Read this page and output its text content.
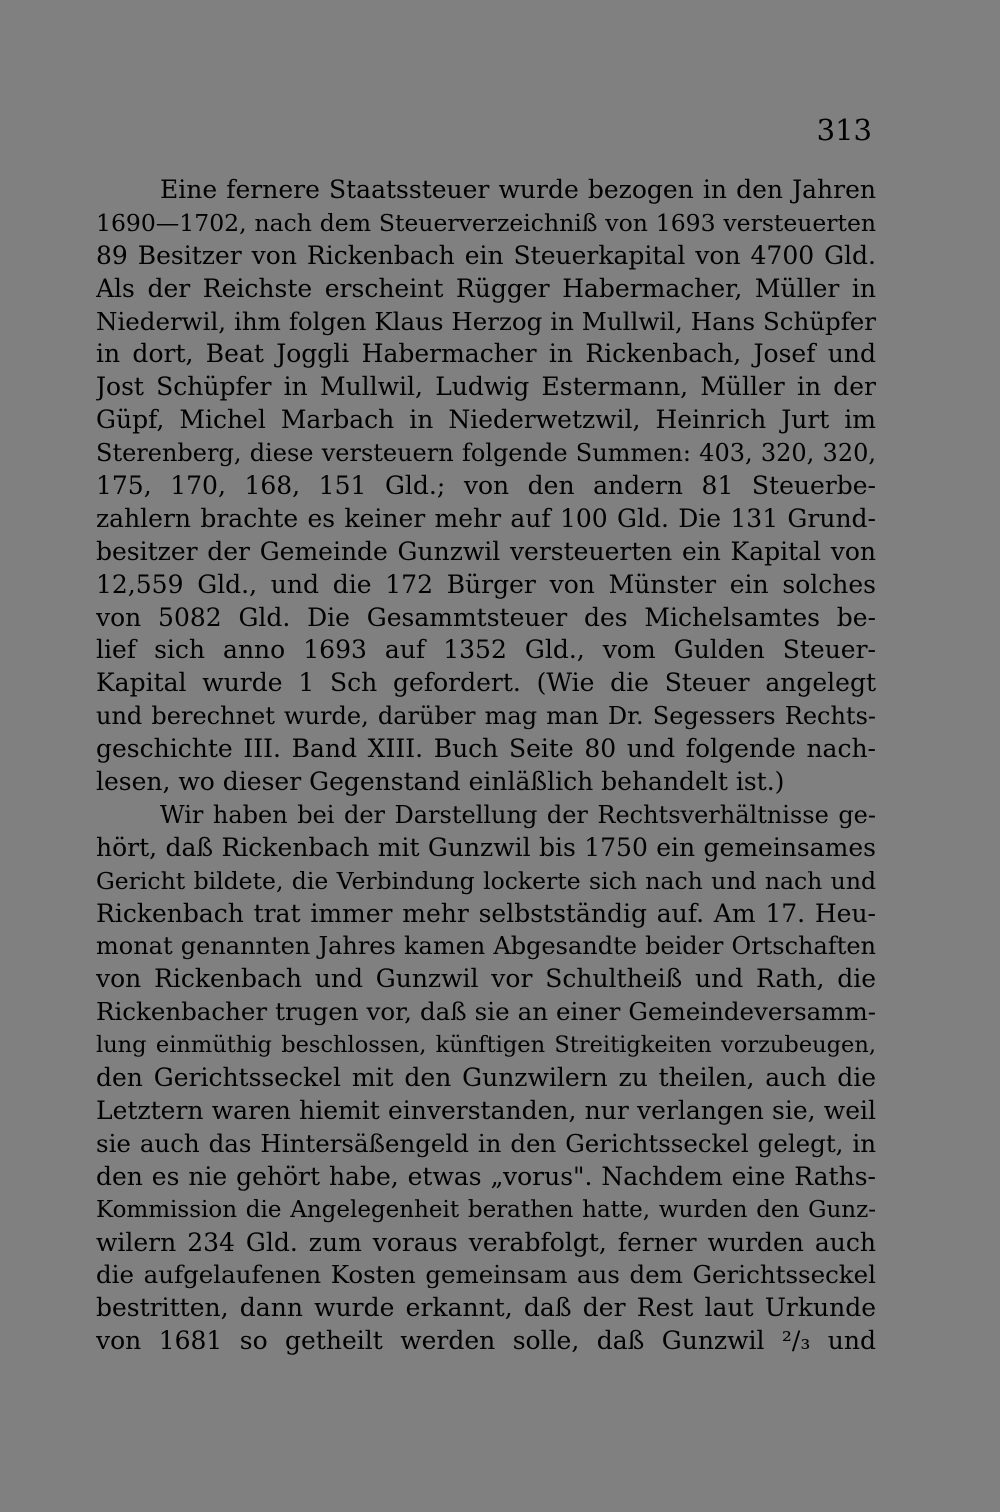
313
Eine fernere Staatssteuer wurde bezogen in den Jahren
1690—1702, nach dem Steuerverzeichniß von 1693 versteuerten
89 Besitzer von Rickenbach ein Steuerkapital von 4700 Gld.
Als der Reichste erscheint Rügger Habermacher, Müller in
Niederwil, ihm folgen Klaus Herzog in Mullwil, Hans Schüpfer
in dort, Beat Joggli Habermacher in Rickenbach, Josef und
Jost Schüpfer in Mullwil, Ludwig Estermann, Müller in der
Güpf, Michel Marbach in Niederwetzwil, Heinrich Jurt im
Sterenberg, diese versteuern folgende Summen: 403, 320, 320,
175, 170, 168, 151 Gld.; von den andern 81 Steuerbe-
zahlern brachte es keiner mehr auf 100 Gld. Die 131 Grund-
besitzer der Gemeinde Gunzwil versteuerten ein Kapital von
12,559 Gld., und die 172 Bürger von Münster ein solches
von 5082 Gld. Die Gesammtsteuer des Michelsamtes be-
lief sich anno 1693 auf 1352 Gld., vom Gulden Steuer-
Kapital wurde 1 Sch gefordert. (Wie die Steuer angelegt
und berechnet wurde, darüber mag man Dr. Segessers Rechts-
geschichte III. Band XIII. Buch Seite 80 und folgende nach-
lesen, wo dieser Gegenstand einläßlich behandelt ist.)
Wir haben bei der Darstellung der Rechtsverhältnisse ge-
hört, daß Rickenbach mit Gunzwil bis 1750 ein gemeinsames
Gericht bildete, die Verbindung lockerte sich nach und nach und
Rickenbach trat immer mehr selbstständig auf. Am 17. Heu-
monat genannten Jahres kamen Abgesandte beider Ortschaften
von Rickenbach und Gunzwil vor Schultheiß und Rath, die
Rickenbacher trugen vor, daß sie an einer Gemeindeversamm-
lung einmüthig beschlossen, künftigen Streitigkeiten vorzubeugen,
den Gerichtsseckel mit den Gunzwilern zu theilen, auch die
Letztern waren hiemit einverstanden, nur verlangen sie, weil
sie auch das Hintersäßengeld in den Gerichtsseckel gelegt, in
den es nie gehört habe, etwas „vorus". Nachdem eine Raths-
Kommission die Angelegenheit berathen hatte, wurden den Gunz-
wilern 234 Gld. zum voraus verabfolgt, ferner wurden auch
die aufgelaufenen Kosten gemeinsam aus dem Gerichtsseckel
bestritten, dann wurde erkannt, daß der Rest laut Urkunde
von 1681 so getheilt werden solle, daß Gunzwil ²/₃ und
